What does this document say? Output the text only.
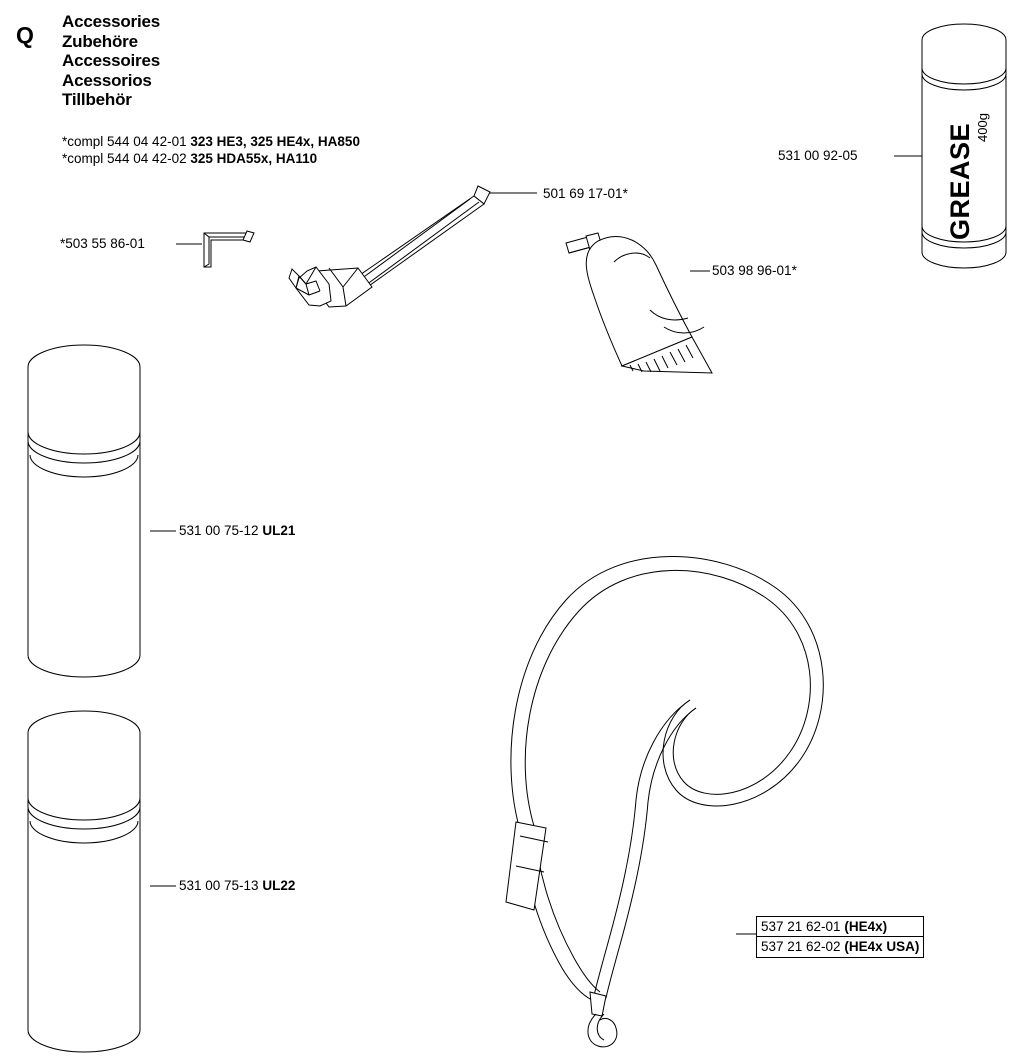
Q
Accessories
Zubehöre
Accessoires
Acessorios
Tillbehör
*compl 544 04 42-01 323 HE3, 325 HE4x, HA850
*compl 544 04 42-02 325 HDA55x, HA110
*503 55 86-01
501 69 17-01*
503 98 96-01*
531 00 92-05
531 00 75-12 UL21
531 00 75-13 UL22
537 21 62-01 (HE4x)
537 21 62-02 (HE4x USA)
GREASE 400g
